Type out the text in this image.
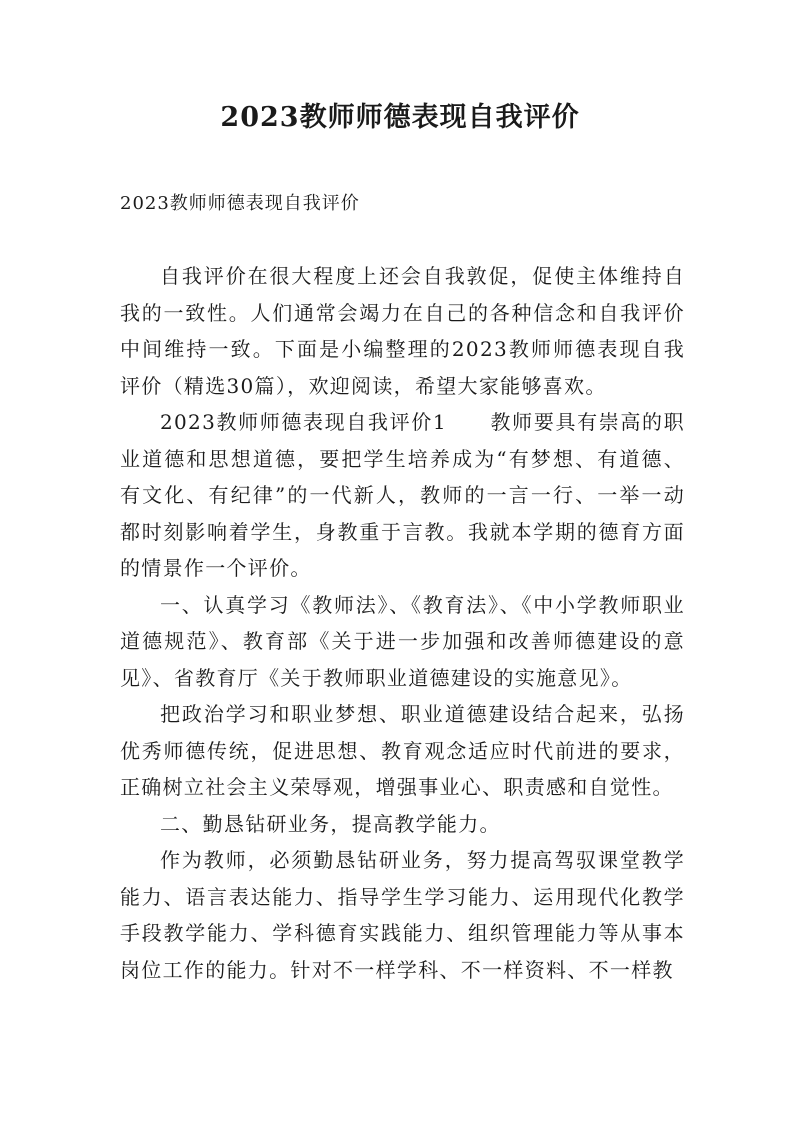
2023教师师德表现自我评价

2023教师师德表现自我评价

自我评价在很大程度上还会自我敦促，促使主体维持自我的一致性。人们通常会竭力在自己的各种信念和自我评价中间维持一致。下面是小编整理的2023教师师德表现自我评价（精选30篇），欢迎阅读，希望大家能够喜欢。

2023教师师德表现自我评价1　　教师要具有崇高的职业道德和思想道德，要把学生培养成为“有梦想、有道德、有文化、有纪律”的一代新人，教师的一言一行、一举一动都时刻影响着学生，身教重于言教。我就本学期的德育方面的情景作一个评价。

一、认真学习《教师法》、《教育法》、《中小学教师职业道德规范》、教育部《关于进一步加强和改善师德建设的意见》、省教育厅《关于教师职业道德建设的实施意见》。

把政治学习和职业梦想、职业道德建设结合起来，弘扬优秀师德传统，促进思想、教育观念适应时代前进的要求，正确树立社会主义荣辱观，增强事业心、职责感和自觉性。

二、勤恳钻研业务，提高教学能力。

作为教师，必须勤恳钻研业务，努力提高驾驭课堂教学能力、语言表达能力、指导学生学习能力、运用现代化教学手段教学能力、学科德育实践能力、组织管理能力等从事本岗位工作的能力。针对不一样学科、不一样资料、不一样教
